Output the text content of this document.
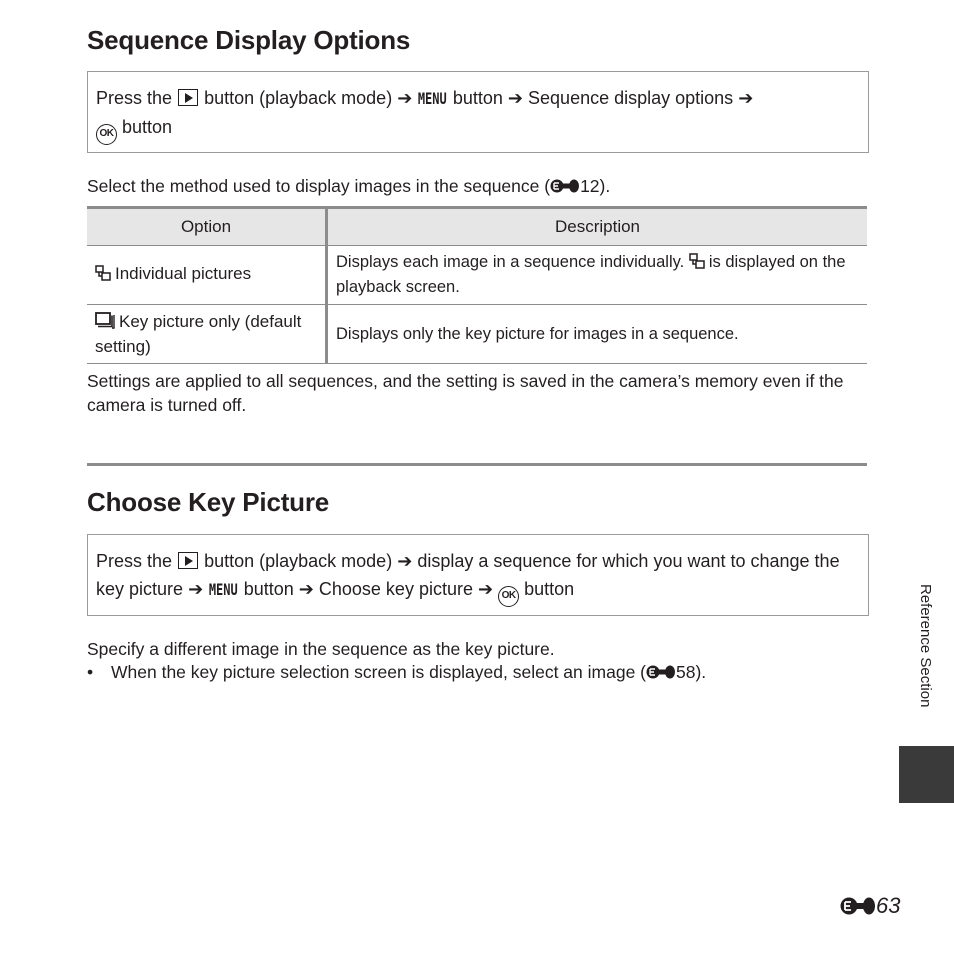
Sequence Display Options
Press the button (playback mode) ➔ MENU button ➔ Sequence display options ➔
OK button
Select the method used to display images in the sequence ( 12).
Option	Description
Individual pictures	Displays each image in a sequence individually. is displayed on the playback screen.
Key picture only (default setting)	Displays only the key picture for images in a sequence.
Settings are applied to all sequences, and the setting is saved in the camera’s memory even if the camera is turned off.
Choose Key Picture
Press the button (playback mode) ➔ display a sequence for which you want to change the key picture ➔ MENU button ➔ Choose key picture ➔ OK button
Specify a different image in the sequence as the key picture.
• When the key picture selection screen is displayed, select an image ( 58).	Reference Section
63
